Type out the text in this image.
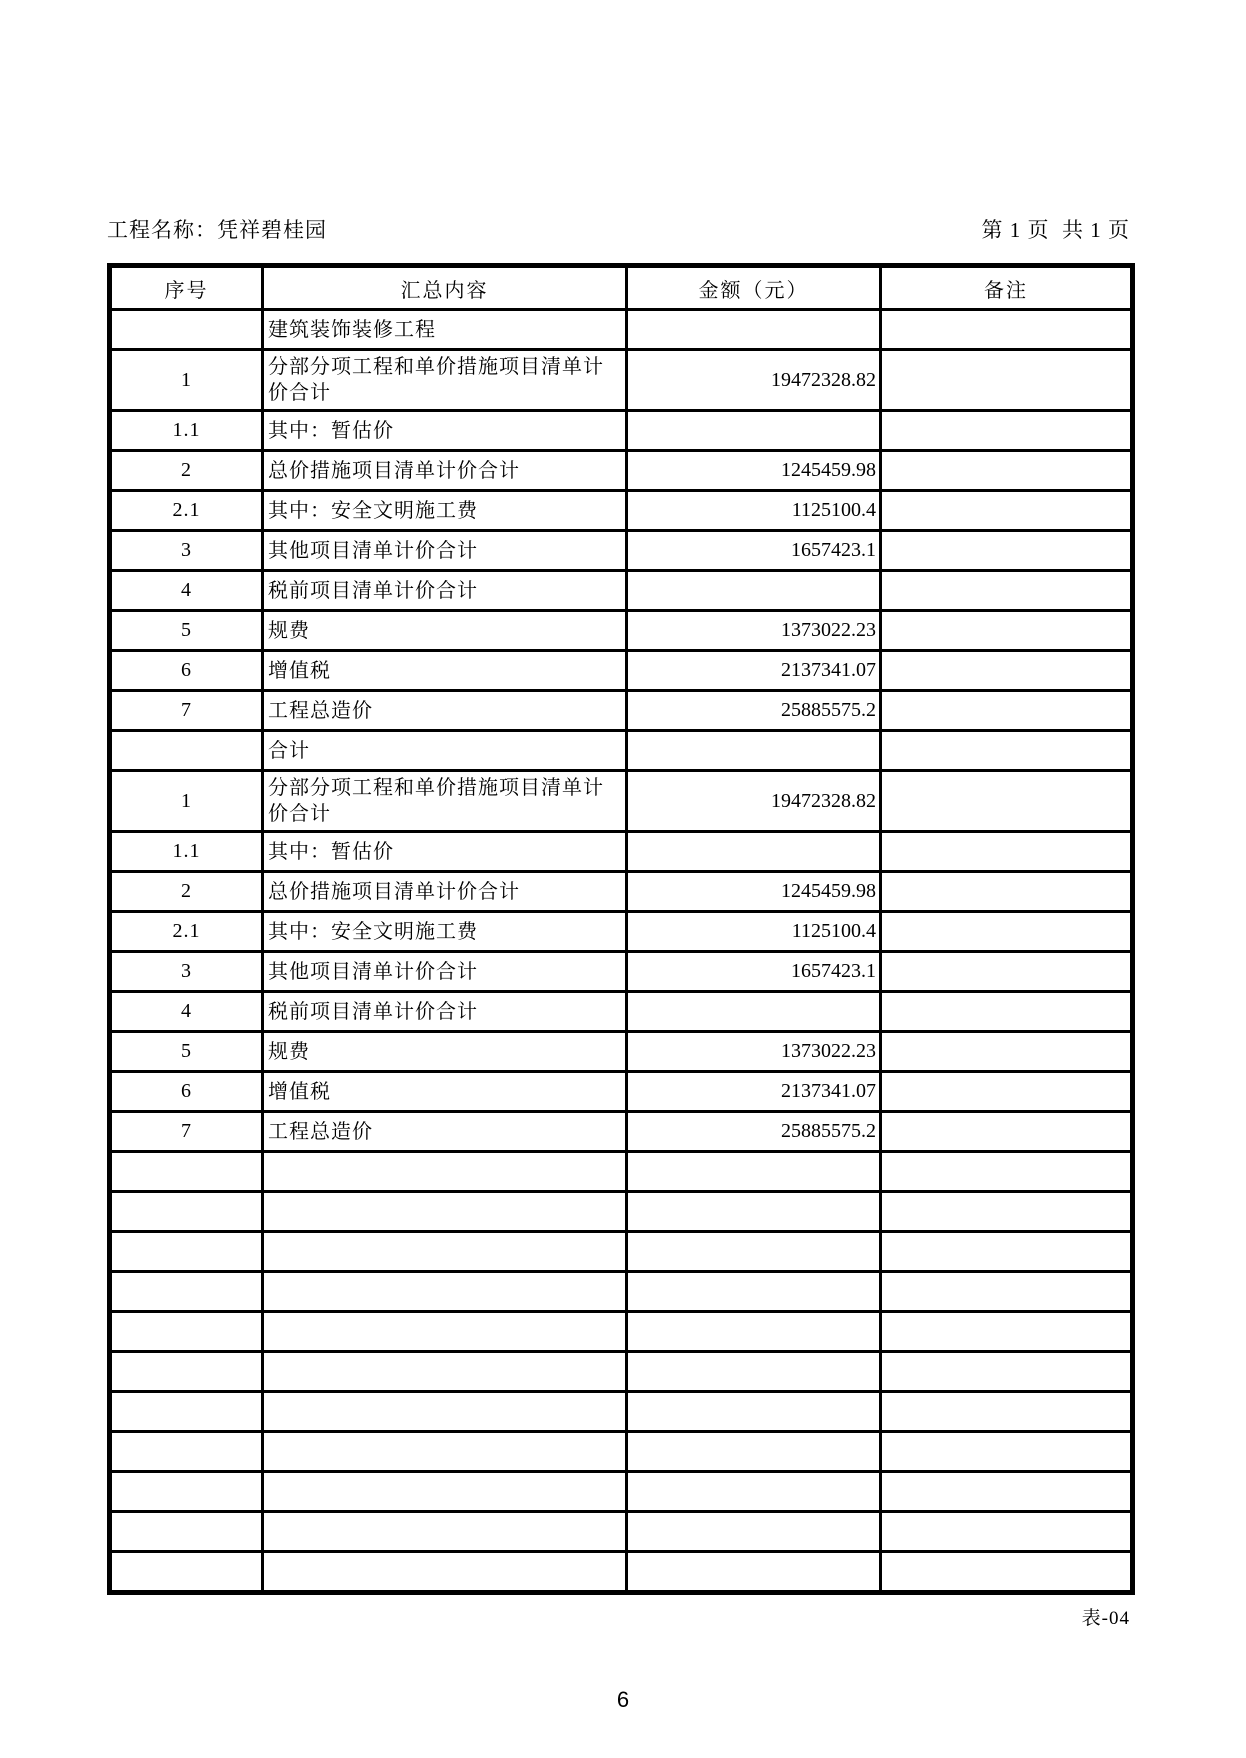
工程名称：凭祥碧桂园	第 1 页  共 1 页
序号	汇总内容	金额（元）	备注
	建筑装饰装修工程		
1	分部分项工程和单价措施项目清单计价合计	19472328.82	
1.1	其中：暂估价		
2	总价措施项目清单计价合计	1245459.98	
2.1	其中：安全文明施工费	1125100.4	
3	其他项目清单计价合计	1657423.1	
4	税前项目清单计价合计		
5	规费	1373022.23	
6	增值税	2137341.07	
7	工程总造价	25885575.2	
	合计		
1	分部分项工程和单价措施项目清单计价合计	19472328.82	
1.1	其中：暂估价		
2	总价措施项目清单计价合计	1245459.98	
2.1	其中：安全文明施工费	1125100.4	
3	其他项目清单计价合计	1657423.1	
4	税前项目清单计价合计		
5	规费	1373022.23	
6	增值税	2137341.07	
7	工程总造价	25885575.2	

表-04
6
